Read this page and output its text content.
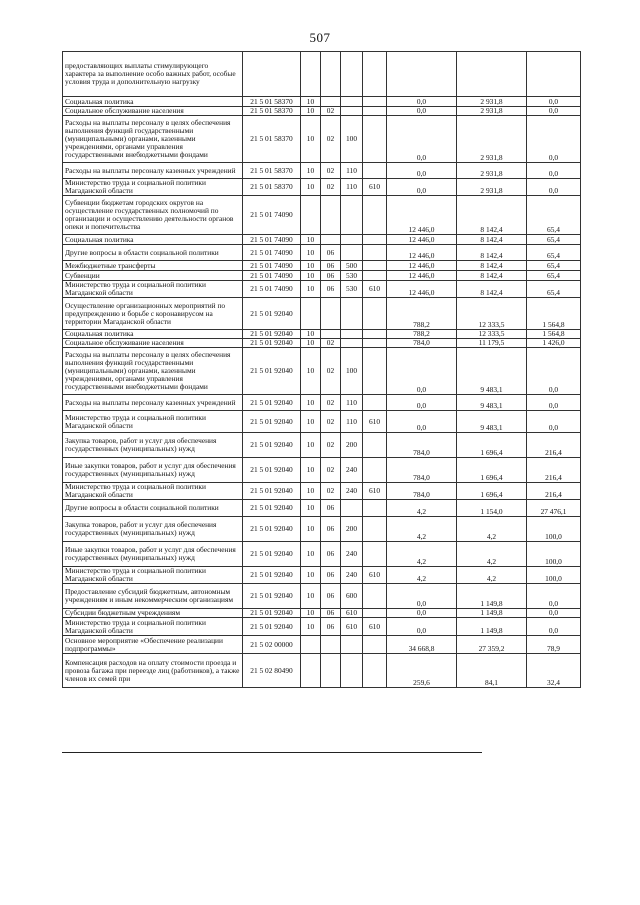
507
предоставляющих выплаты стимулирующего характера за выполнение особо важных работ, особые условия труда и дополнительную нагрузку								
Социальная политика	21 5 01 58370	10				0,0	2 931,8	0,0
Социальное обслуживание населения	21 5 01 58370	10	02			0,0	2 931,8	0,0
Расходы на выплаты персоналу в целях обеспечения выполнения функций государственными (муниципальными) органами, казенными учреждениями, органами управления государственными внебюджетными фондами	21 5 01 58370	10	02	100		0,0	2 931,8	0,0
Расходы на выплаты персоналу казенных учреждений	21 5 01 58370	10	02	110		0,0	2 931,8	0,0
Министерство труда и социальной политики Магаданской области	21 5 01 58370	10	02	110	610	0,0	2 931,8	0,0
Субвенции бюджетам городских округов на осуществление государственных полномочий по организации и осуществлению деятельности органов опеки и попечительства	21 5 01 74090					12 446,0	8 142,4	65,4
Социальная политика	21 5 01 74090	10				12 446,0	8 142,4	65,4
Другие вопросы в области социальной политики	21 5 01 74090	10	06			12 446,0	8 142,4	65,4
Межбюджетные трансферты	21 5 01 74090	10	06	500		12 446,0	8 142,4	65,4
Субвенции	21 5 01 74090	10	06	530		12 446,0	8 142,4	65,4
Министерство труда и социальной политики Магаданской области	21 5 01 74090	10	06	530	610	12 446,0	8 142,4	65,4
Осуществление организационных мероприятий по предупреждению и борьбе с коронавирусом на территории Магаданской области	21 5 01 92040					788,2	12 333,5	1 564,8
Социальная политика	21 5 01 92040	10				788,2	12 333,5	1 564,8
Социальное обслуживание населения	21 5 01 92040	10	02			784,0	11 179,5	1 426,0
Расходы на выплаты персоналу в целях обеспечения выполнения функций государственными (муниципальными) органами, казенными учреждениями, органами управления государственными внебюджетными фондами	21 5 01 92040	10	02	100		0,0	9 483,1	0,0
Расходы на выплаты персоналу казенных учреждений	21 5 01 92040	10	02	110		0,0	9 483,1	0,0
Министерство труда и социальной политики Магаданской области	21 5 01 92040	10	02	110	610	0,0	9 483,1	0,0
Закупка товаров, работ и услуг для обеспечения государственных (муниципальных) нужд	21 5 01 92040	10	02	200		784,0	1 696,4	216,4
Иные закупки товаров, работ и услуг для обеспечения государственных (муниципальных) нужд	21 5 01 92040	10	02	240		784,0	1 696,4	216,4
Министерство труда и социальной политики Магаданской области	21 5 01 92040	10	02	240	610	784,0	1 696,4	216,4
Другие вопросы в области социальной политики	21 5 01 92040	10	06			4,2	1 154,0	27 476,1
Закупка товаров, работ и услуг для обеспечения государственных (муниципальных) нужд	21 5 01 92040	10	06	200		4,2	4,2	100,0
Иные закупки товаров, работ и услуг для обеспечения государственных (муниципальных) нужд	21 5 01 92040	10	06	240		4,2	4,2	100,0
Министерство труда и социальной политики Магаданской области	21 5 01 92040	10	06	240	610	4,2	4,2	100,0
Предоставление субсидий бюджетным, автономным учреждениям и иным некоммерческим организациям	21 5 01 92040	10	06	600		0,0	1 149,8	0,0
Субсидии бюджетным учреждениям	21 5 01 92040	10	06	610		0,0	1 149,8	0,0
Министерство труда и социальной политики Магаданской области	21 5 01 92040	10	06	610	610	0,0	1 149,8	0,0
Основное мероприятие «Обеспечение реализации подпрограммы»	21 5 02 00000					34 668,8	27 359,2	78,9
Компенсация расходов на оплату стоимости проезда и провоза багажа при переезде лиц (работников), а также членов их семей при	21 5 02 80490					259,6	84,1	32,4
